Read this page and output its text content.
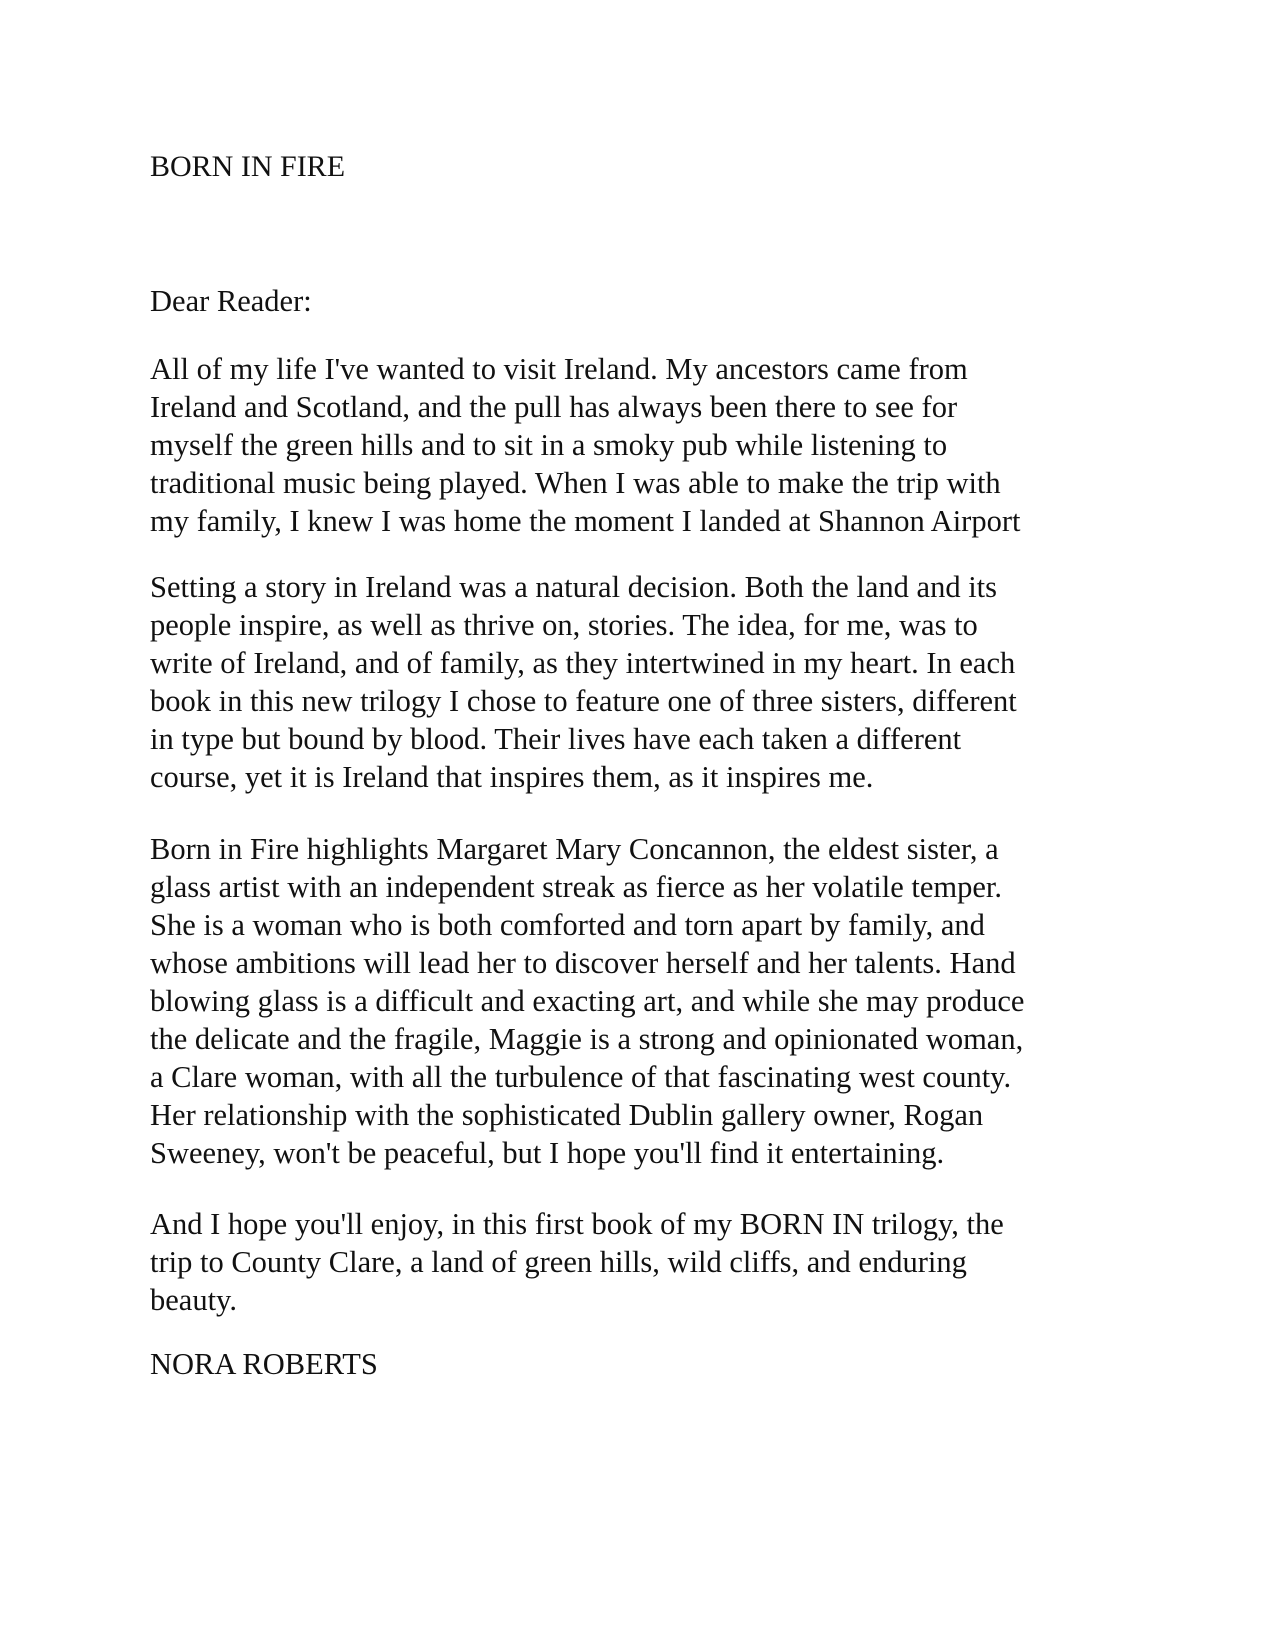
BORN IN FIRE

Dear Reader:

All of my life I've wanted to visit Ireland. My ancestors came from
Ireland and Scotland, and the pull has always been there to see for
myself the green hills and to sit in a smoky pub while listening to
traditional music being played. When I was able to make the trip with
my family, I knew I was home the moment I landed at Shannon Airport

Setting a story in Ireland was a natural decision. Both the land and its
people inspire, as well as thrive on, stories. The idea, for me, was to
write of Ireland, and of family, as they intertwined in my heart. In each
book in this new trilogy I chose to feature one of three sisters, different
in type but bound by blood. Their lives have each taken a different
course, yet it is Ireland that inspires them, as it inspires me.

Born in Fire highlights Margaret Mary Concannon, the eldest sister, a
glass artist with an independent streak as fierce as her volatile temper.
She is a woman who is both comforted and torn apart by family, and
whose ambitions will lead her to discover herself and her talents. Hand
blowing glass is a difficult and exacting art, and while she may produce
the delicate and the fragile, Maggie is a strong and opinionated woman,
a Clare woman, with all the turbulence of that fascinating west county.
Her relationship with the sophisticated Dublin gallery owner, Rogan
Sweeney, won't be peaceful, but I hope you'll find it entertaining.

And I hope you'll enjoy, in this first book of my BORN IN trilogy, the
trip to County Clare, a land of green hills, wild cliffs, and enduring
beauty.

NORA ROBERTS
